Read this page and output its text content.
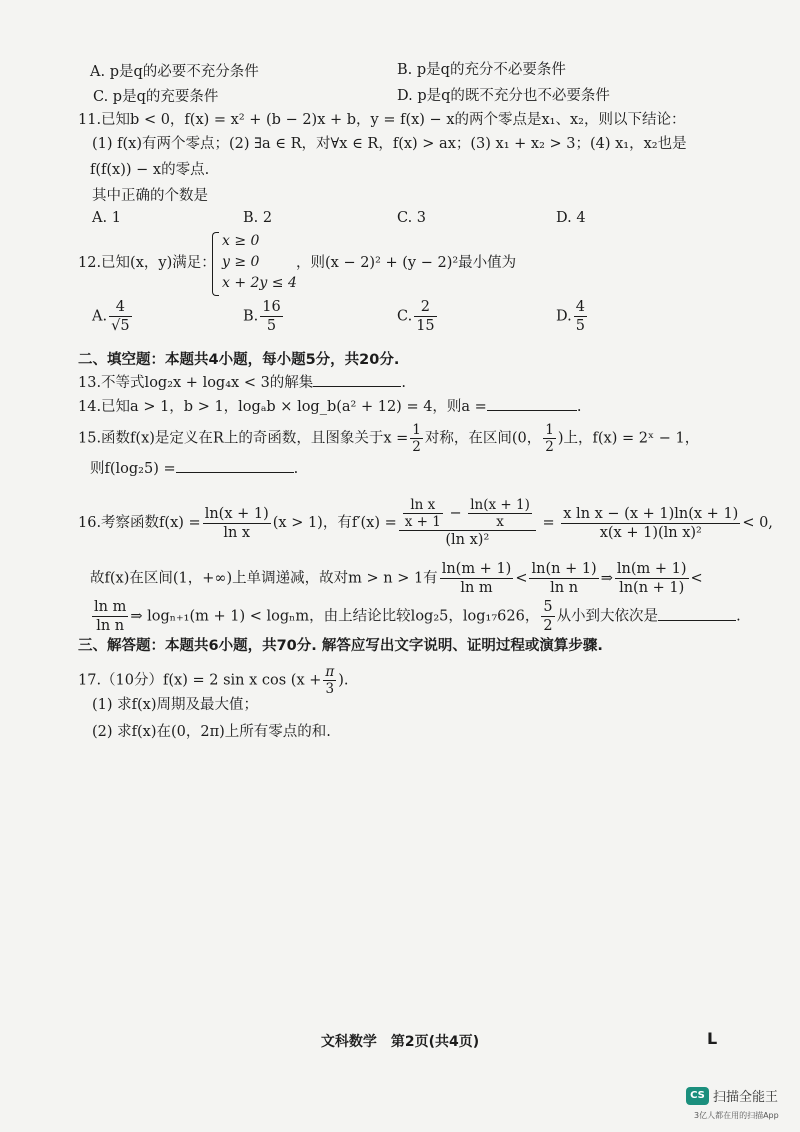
A. p是q的必要不充分条件	B. p是q的充分不必要条件
C. p是q的充要条件	D. p是q的既不充分也不必要条件
11.已知b < 0，f(x) = x² + (b − 2)x + b，y = f(x) − x的两个零点是x₁、x₂，则以下结论：
(1) f(x)有两个零点；(2) ∃a ∈ R，对∀x ∈ R，f(x) > ax；(3) x₁ + x₂ > 3；(4) x₁，x₂也是
f(f(x)) − x的零点.
其中正确的个数是
A. 1	B. 2	C. 3	D. 4
12.已知(x，y)满足：
x ≥ 0
y ≥ 0
x + 2y ≤ 4
，则(x − 2)² + (y − 2)²最小值为
A. $\frac{4}{√5}$	B. $\frac{16}{5}$	C. $\frac{2}{15}$	D. $\frac{4}{5}$
二、填空题：本题共4小题，每小题5分，共20分.
13.不等式log₂x + log₄x < 3的解集	.
14.已知a > 1，b > 1，logₐb × log_b(a² + 12) = 4，则a =	.
15.函数f(x)是定义在R上的奇函数，且图象关于$x = \frac{1}{2}$ 对称，在区间(0， $\frac{1}{2}$ )上，f(x) = 2ˣ − 1，
则f(log₂5) =	.
16.考察函数$f(x) = \frac{\ln(x + 1)}{\text{ln x}} (x > 1)$，有$f'(x) = \frac{\frac{\text{ln x}}{x + 1} - \frac{\ln(x + 1)}{x}}{\text{(ln x)²}} = \frac{\text{x ln x − (x + 1)ln(x + 1)}}{\text{x(x + 1)(ln x)²}} < 0$,
故f(x)在区间(1，+∞)上单调递减，故对m > n > 1有 $\frac{\ln(m + 1)}{\text{ln m}} < \frac{\ln(n + 1)}{\text{ln n}}$ ⇒ $\frac{\ln(m + 1)}{\ln(n + 1)}$ <
$\frac{\text{ln m}}{\text{ln n}}$ ⇒ logₙ₊₁(m + 1) < logₙm，由上结论比较log₂5，log₁₇626， $\frac{5}{2}$ 从小到大依次是	.
三、解答题：本题共6小题，共70分. 解答应写出文字说明、证明过程或演算步骤.
17.（10分）f(x) = 2 sin x $\cos (x + \frac{\pi}{3}$ ).
(1) 求f(x)周期及最大值；
(2) 求f(x)在(0，2π)上所有零点的和.
文科数学　第2页(共4页)	L
CS 扫描全能王
3亿人都在用的扫描App
